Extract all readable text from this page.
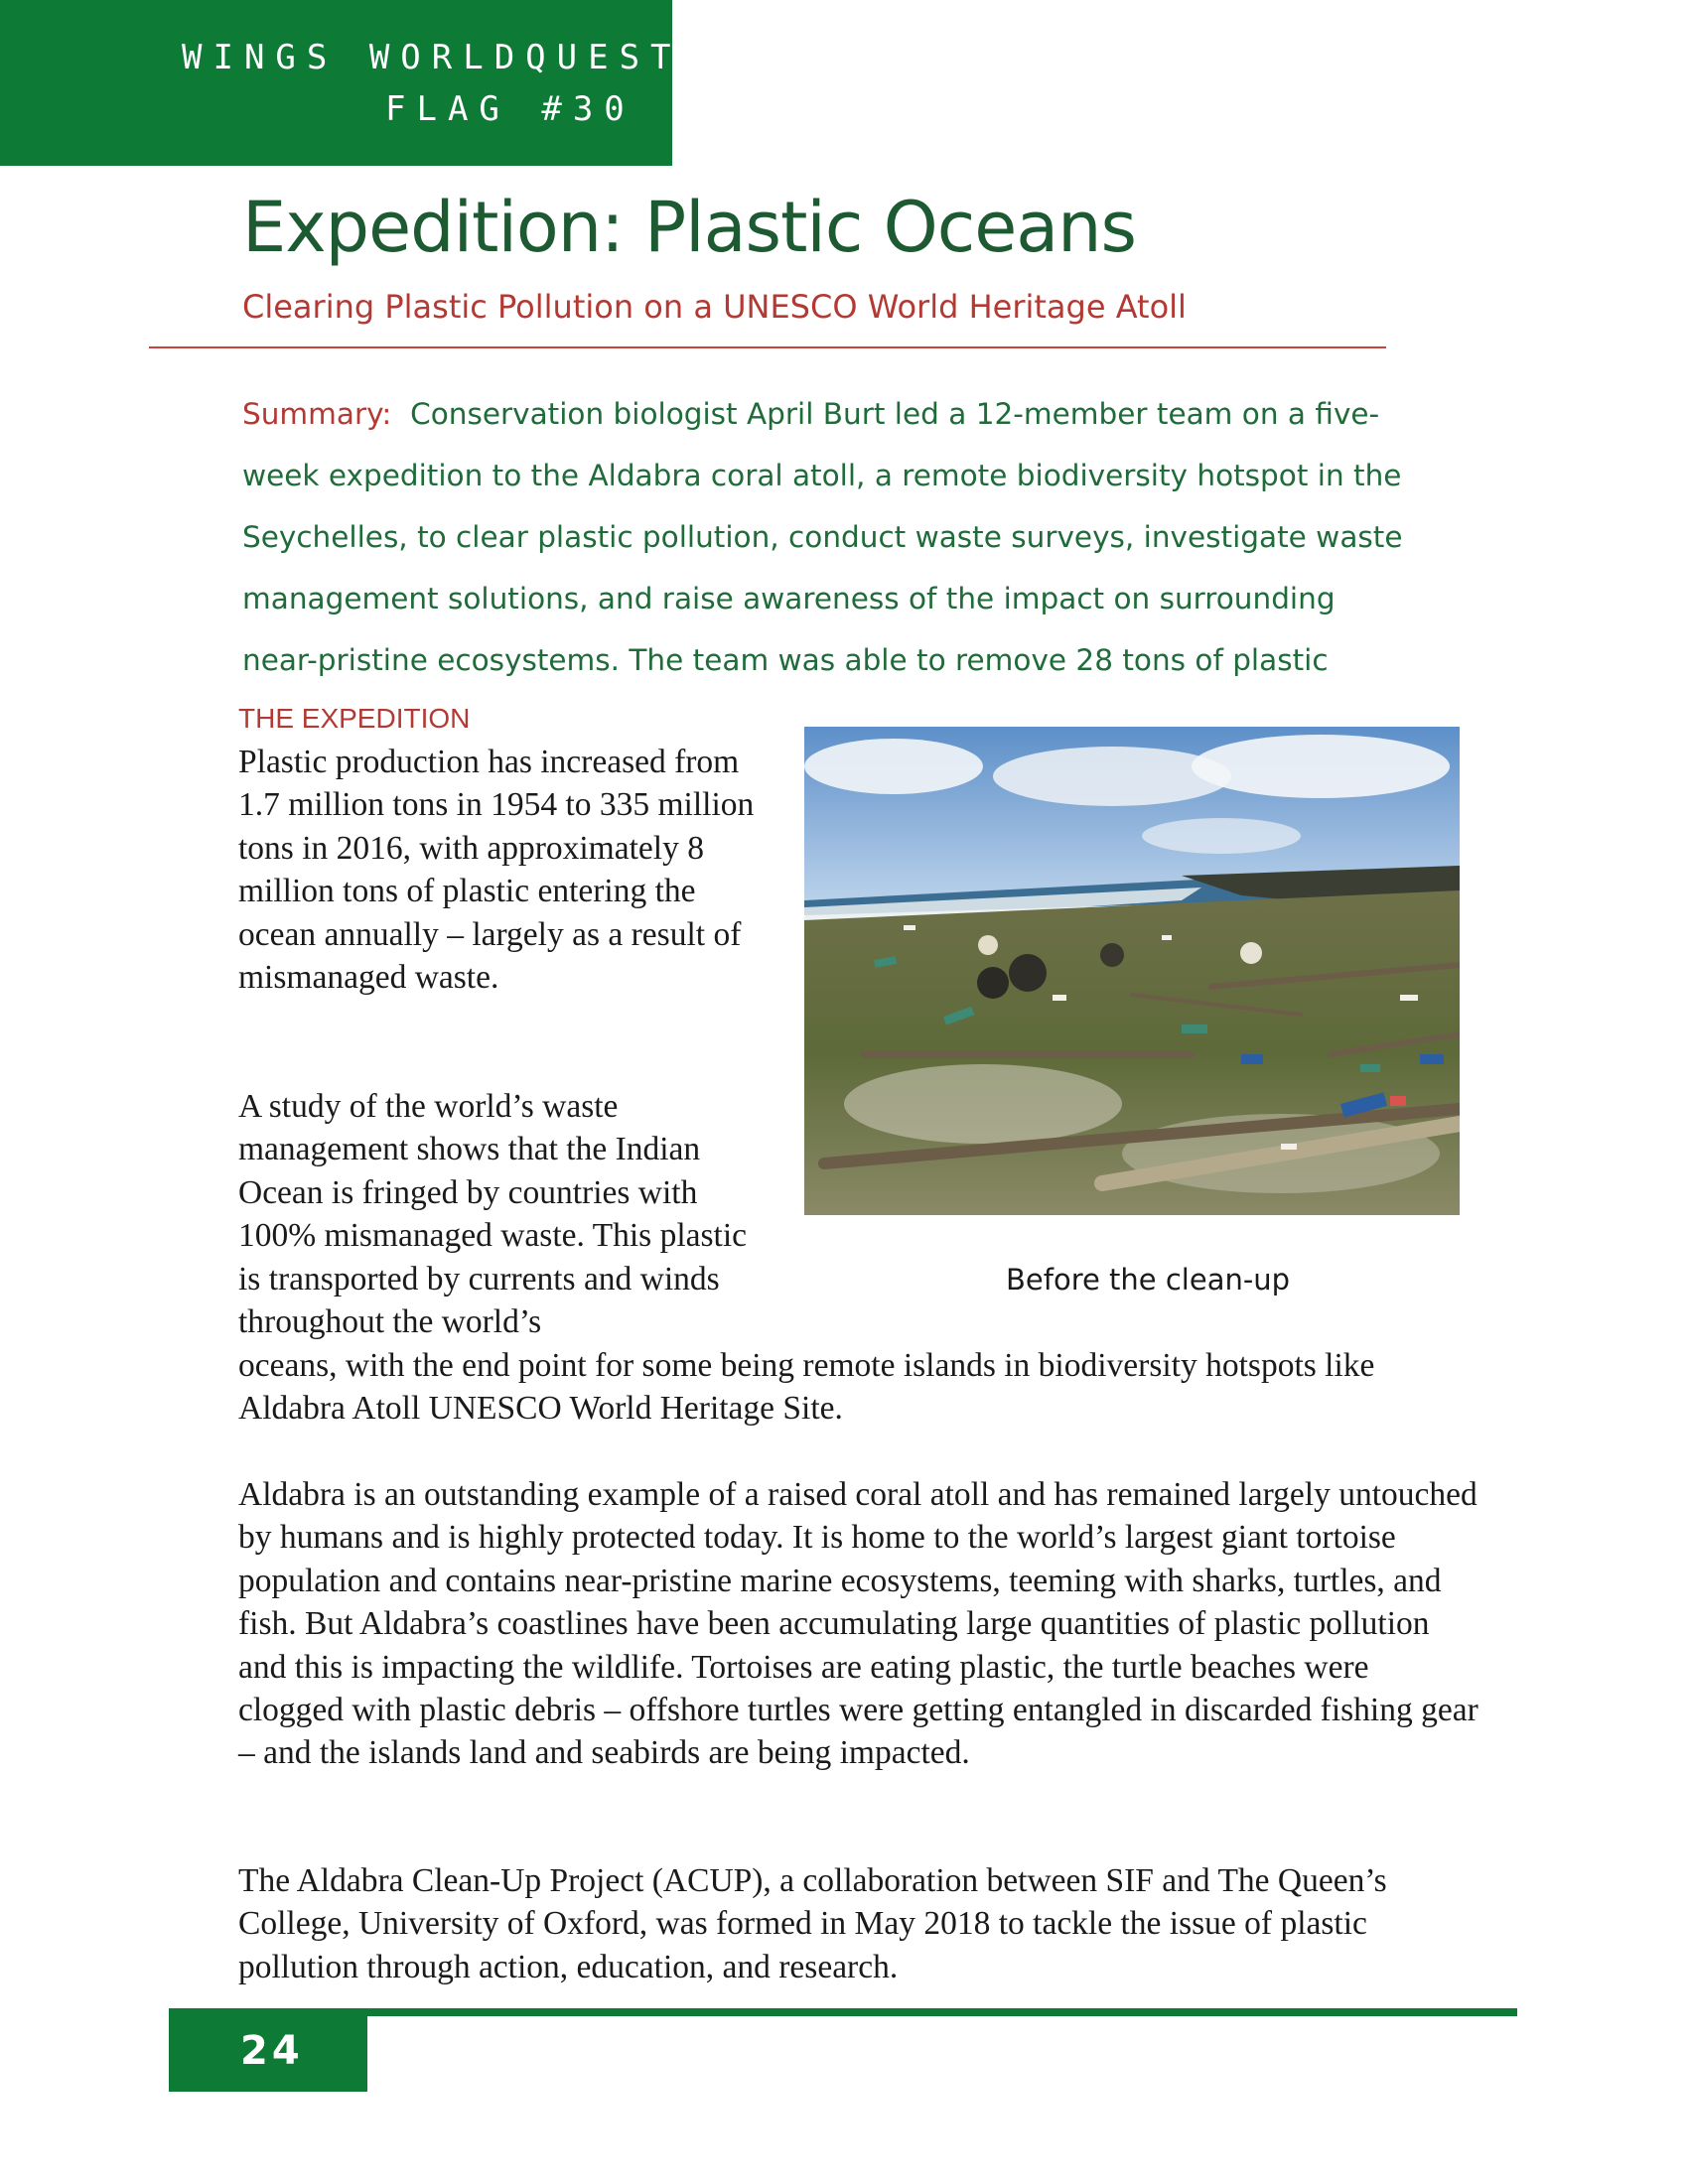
WINGS WORLDQUEST
FLAG #30
Expedition: Plastic Oceans
Clearing Plastic Pollution on a UNESCO World Heritage Atoll

Summary: Conservation biologist April Burt led a 12-member team on a five-week expedition to the Aldabra coral atoll, a remote biodiversity hotspot in the Seychelles, to clear plastic pollution, conduct waste surveys, investigate waste management solutions, and raise awareness of the impact on surrounding near-pristine ecosystems. The team was able to remove 28 tons of plastic

THE EXPEDITION

Plastic production has increased from 1.7 million tons in 1954 to 335 million tons in 2016, with approximately 8 million tons of plastic entering the ocean annually – largely as a result of mismanaged waste.

A study of the world’s waste management shows that the Indian Ocean is fringed by countries with 100% mismanaged waste. This plastic is transported by currents and winds throughout the world’s

oceans, with the end point for some being remote islands in biodiversity hotspots like Aldabra Atoll UNESCO World Heritage Site.

Aldabra is an outstanding example of a raised coral atoll and has remained largely untouched by humans and is highly protected today. It is home to the world’s largest giant tortoise population and contains near-pristine marine ecosystems, teeming with sharks, turtles, and fish. But Aldabra’s coastlines have been accumulating large quantities of plastic pollution and this is impacting the wildlife. Tortoises are eating plastic, the turtle beaches were clogged with plastic debris – offshore turtles were getting entangled in discarded fishing gear – and the islands land and seabirds are being impacted.

The Aldabra Clean-Up Project (ACUP), a collaboration between SIF and The Queen’s College, University of Oxford, was formed in May 2018 to tackle the issue of plastic pollution through action, education, and research.

Before the clean-up

24
